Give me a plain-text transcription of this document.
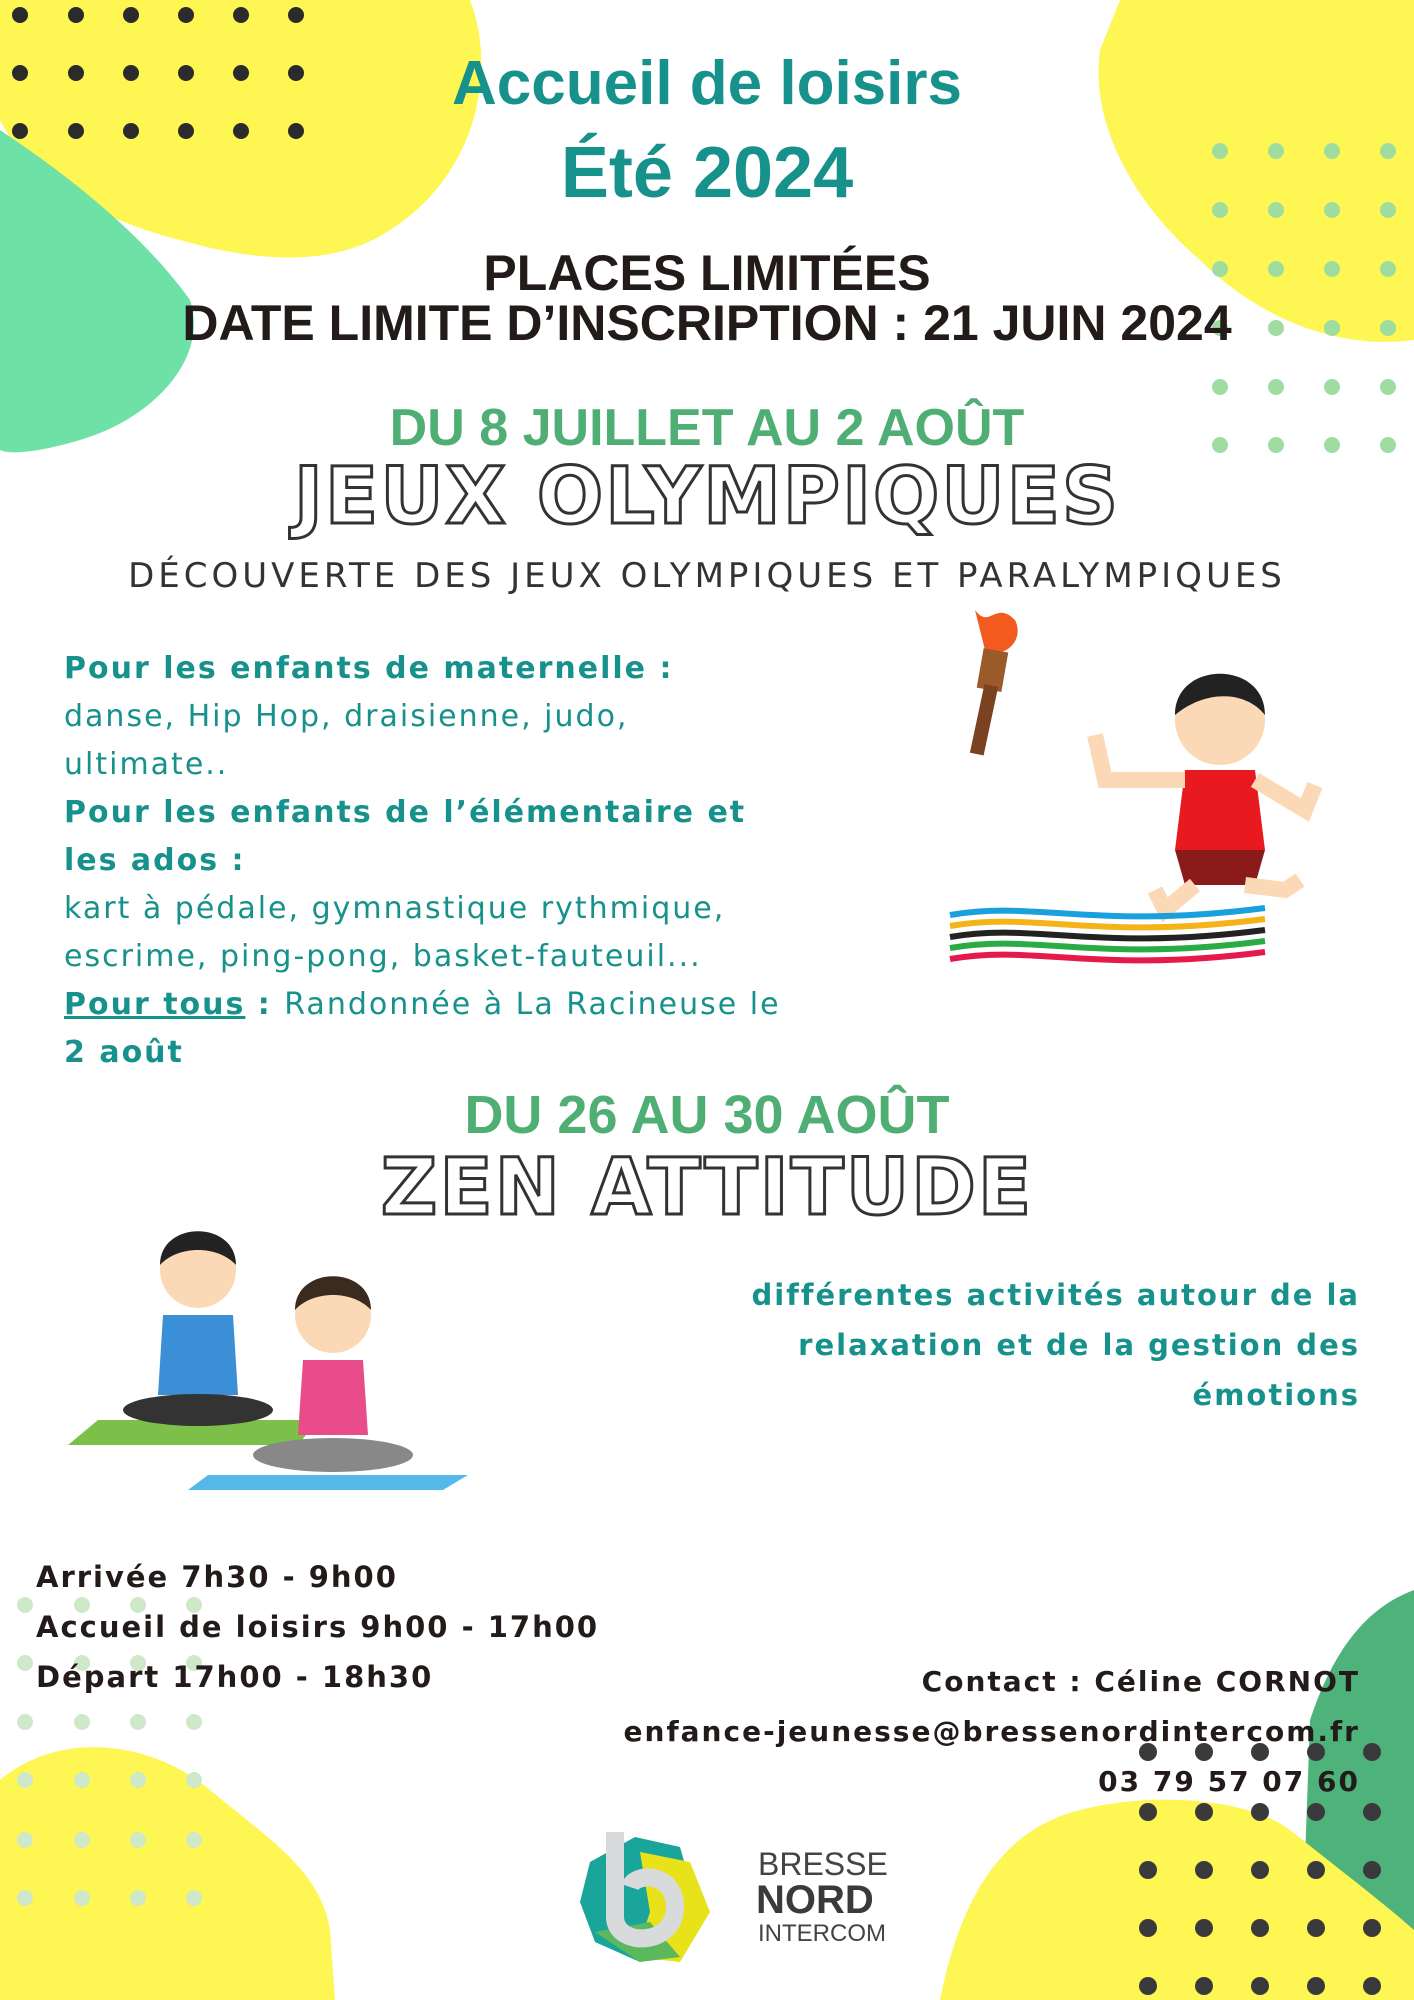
Accueil de loisirs
Été 2024
PLACES LIMITÉES
DATE LIMITE D’INSCRIPTION : 21 JUIN 2024
DU 8 JUILLET AU 2 AOÛT
JEUX OLYMPIQUES
DÉCOUVERTE DES JEUX OLYMPIQUES ET PARALYMPIQUES
Pour les enfants de maternelle :
danse, Hip Hop, draisienne, judo, ultimate..
Pour les enfants de l’élémentaire et les ados :
kart à pédale, gymnastique rythmique, escrime, ping-pong, basket-fauteuil...
Pour tous : Randonnée à La Racineuse le 2 août
DU 26 AU 30 AOÛT
ZEN ATTITUDE
différentes activités autour de la relaxation et de la gestion des émotions
Arrivée 7h30 - 9h00
Accueil de loisirs 9h00 - 17h00
Départ 17h00 - 18h30	Contact : Céline CORNOT
enfance-jeunesse@bressenordintercom.fr
03 79 57 07 60
BRESSE
NORD
INTERCOM
